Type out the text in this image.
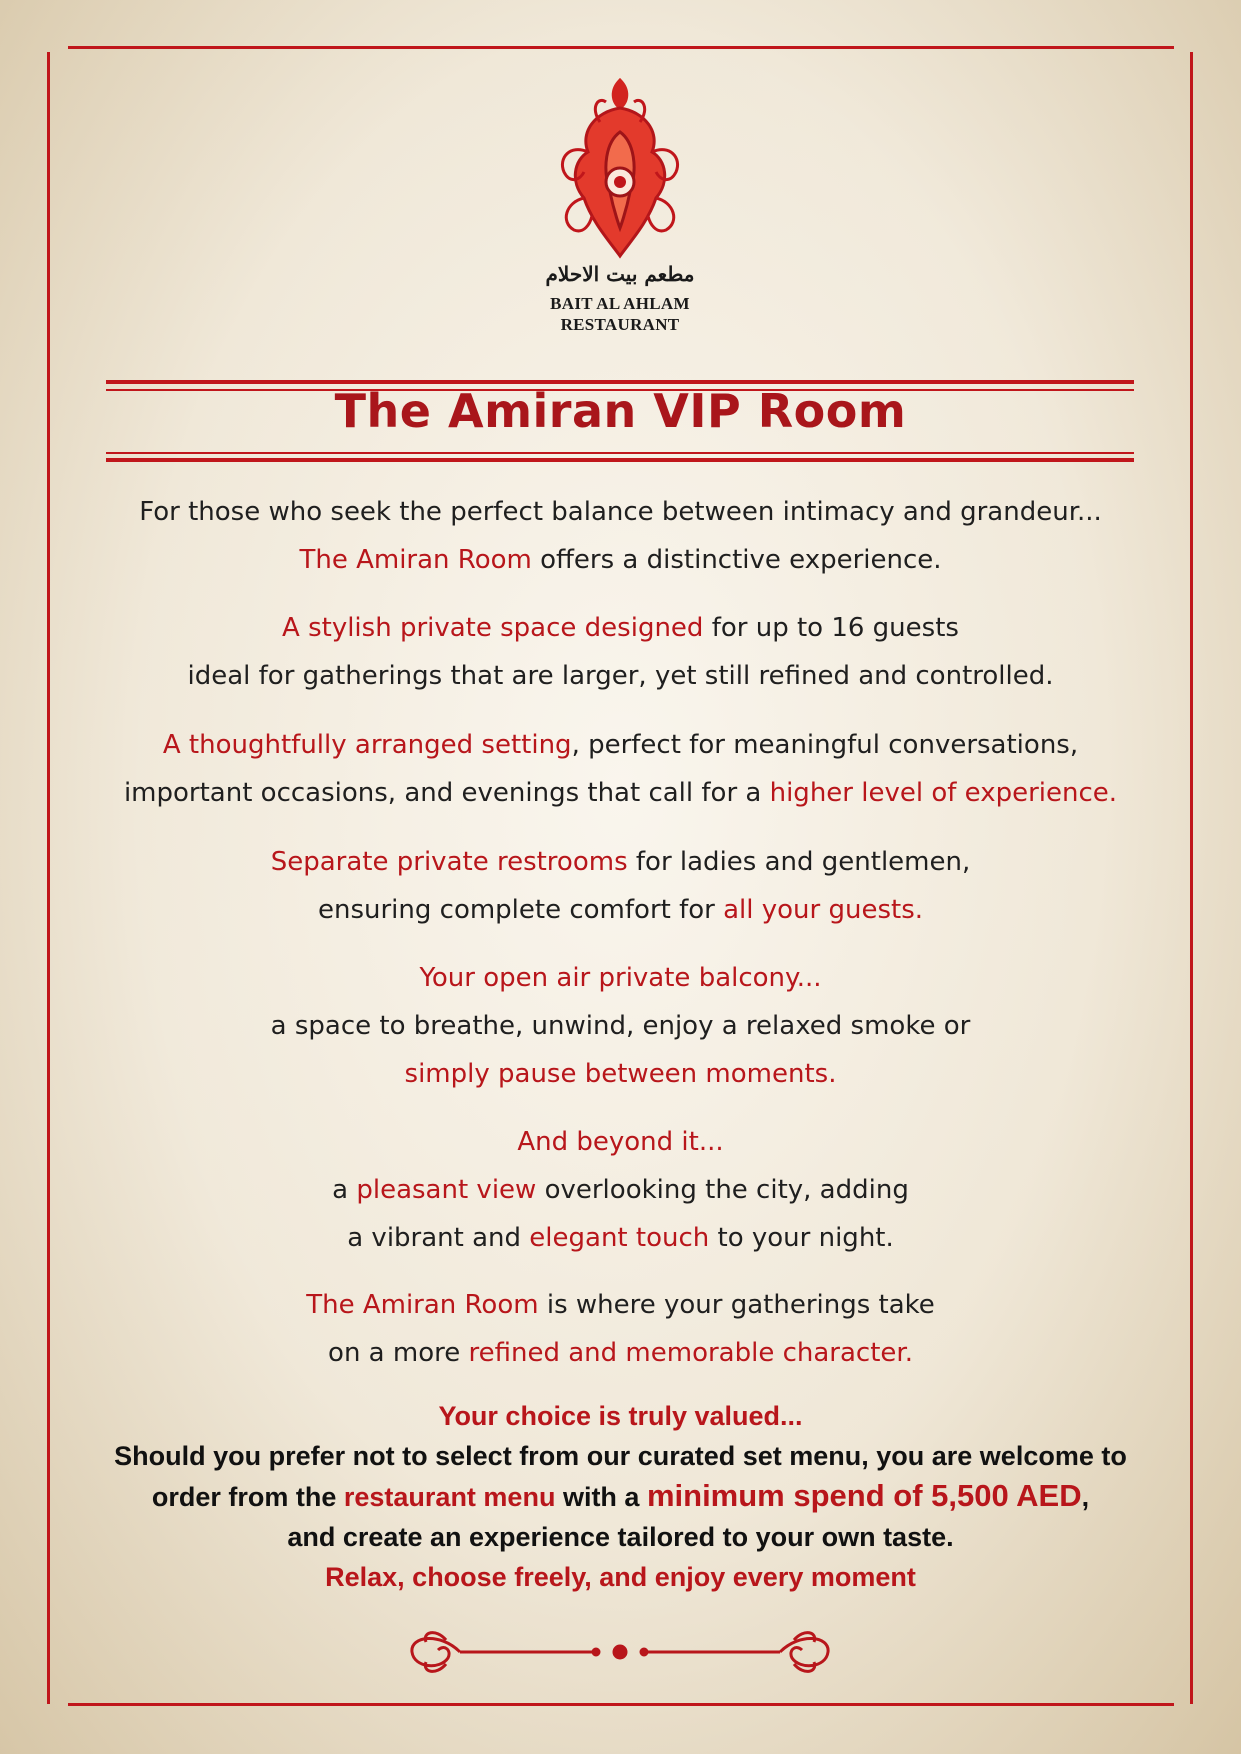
مطعم بيت الاحلام
BAIT AL AHLAM
RESTAURANT
The Amiran VIP Room
For those who seek the perfect balance between intimacy and grandeur...
The Amiran Room offers a distinctive experience.
A stylish private space designed for up to 16 guests
ideal for gatherings that are larger, yet still refined and controlled.
A thoughtfully arranged setting, perfect for meaningful conversations,
important occasions, and evenings that call for a higher level of experience.
Separate private restrooms for ladies and gentlemen,
ensuring complete comfort for all your guests.
Your open air private balcony...
a space to breathe, unwind, enjoy a relaxed smoke or
simply pause between moments.
And beyond it...
a pleasant view overlooking the city, adding
a vibrant and elegant touch to your night.
The Amiran Room is where your gatherings take
on a more refined and memorable character.
Your choice is truly valued...
Should you prefer not to select from our curated set menu, you are welcome to
order from the restaurant menu with a minimum spend of 5,500 AED,
and create an experience tailored to your own taste.
Relax, choose freely, and enjoy every moment
